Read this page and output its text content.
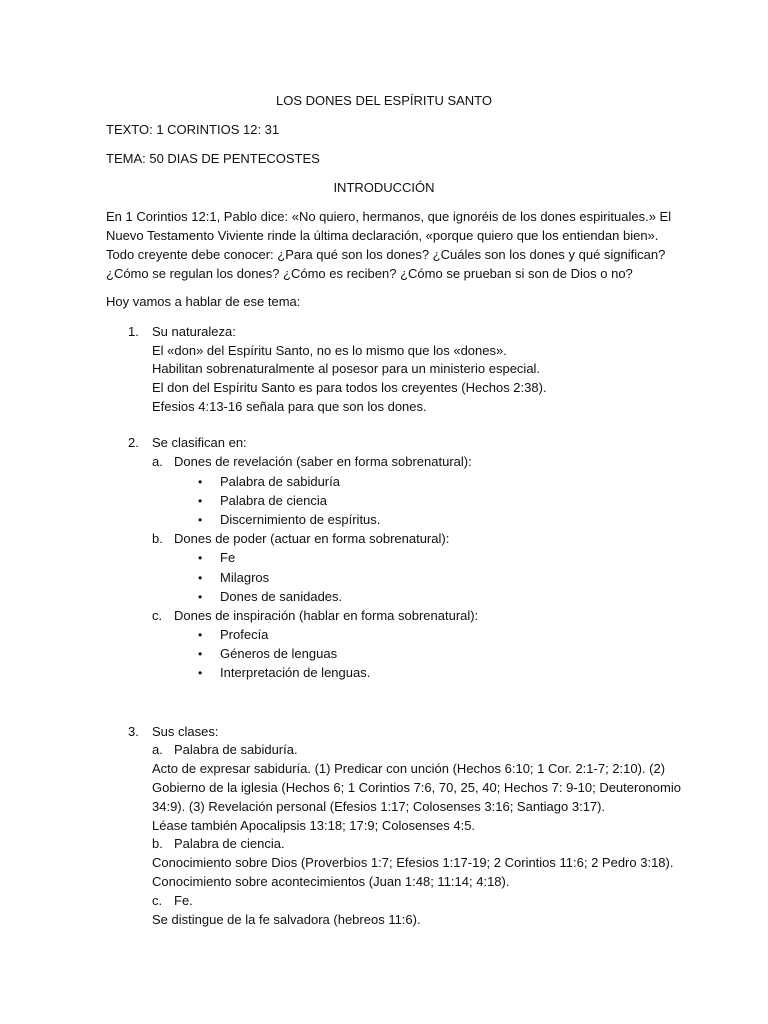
LOS DONES DEL ESPÍRITU SANTO
TEXTO: 1 CORINTIOS 12: 31
TEMA: 50 DIAS DE PENTECOSTES
INTRODUCCIÓN
En 1 Corintios 12:1, Pablo dice: «No quiero, hermanos, que ignoréis de los dones espirituales.» El
Nuevo Testamento Viviente rinde la última declaración, «porque quiero que los entiendan bien».
Todo creyente debe conocer: ¿Para qué son los dones? ¿Cuáles son los dones y qué significan?
¿Cómo se regulan los dones? ¿Cómo es reciben? ¿Cómo se prueban si son de Dios o no?
Hoy vamos a hablar de ese tema:
1. Su naturaleza:
El «don» del Espíritu Santo, no es lo mismo que los «dones».
Habilitan sobrenaturalmente al posesor para un ministerio especial.
El don del Espíritu Santo es para todos los creyentes (Hechos 2:38).
Efesios 4:13-16 señala para que son los dones.
2. Se clasifican en:
a. Dones de revelación (saber en forma sobrenatural):
• Palabra de sabiduría
• Palabra de ciencia
• Discernimiento de espíritus.
b. Dones de poder (actuar en forma sobrenatural):
• Fe
• Milagros
• Dones de sanidades.
c. Dones de inspiración (hablar en forma sobrenatural):
• Profecía
• Géneros de lenguas
• Interpretación de lenguas.
3. Sus clases:
a. Palabra de sabiduría.
Acto de expresar sabiduría. (1) Predicar con unción (Hechos 6:10; 1 Cor. 2:1-7; 2:10). (2)
Gobierno de la iglesia (Hechos 6; 1 Corintios 7:6, 70, 25, 40; Hechos 7: 9-10; Deuteronomio
34:9). (3) Revelación personal (Efesios 1:17; Colosenses 3:16; Santiago 3:17).
Léase también Apocalipsis 13:18; 17:9; Colosenses 4:5.
b. Palabra de ciencia.
Conocimiento sobre Dios (Proverbios 1:7; Efesios 1:17-19; 2 Corintios 11:6; 2 Pedro 3:18).
Conocimiento sobre acontecimientos (Juan 1:48; 11:14; 4:18).
c. Fe.
Se distingue de la fe salvadora (hebreos 11:6).
